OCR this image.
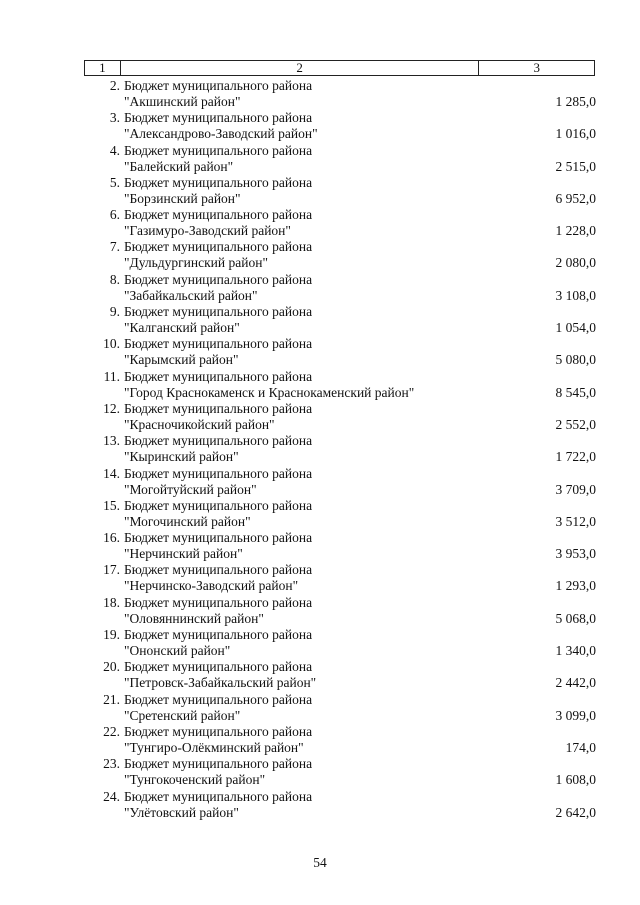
1	2	3
2. Бюджет муниципального района
"Акшинский район"	1 285,0
3. Бюджет муниципального района
"Александрово-Заводский район"	1 016,0
4. Бюджет муниципального района
"Балейский район"	2 515,0
5. Бюджет муниципального района
"Борзинский район"	6 952,0
6. Бюджет муниципального района
"Газимуро-Заводский район"	1 228,0
7. Бюджет муниципального района
"Дульдургинский район"	2 080,0
8. Бюджет муниципального района
"Забайкальский район"	3 108,0
9. Бюджет муниципального района
"Калганский район"	1 054,0
10. Бюджет муниципального района
"Карымский район"	5 080,0
11. Бюджет муниципального района
"Город Краснокаменск и Краснокаменский район"	8 545,0
12. Бюджет муниципального района
"Красночикойский район"	2 552,0
13. Бюджет муниципального района
"Кыринский район"	1 722,0
14. Бюджет муниципального района
"Могойтуйский район"	3 709,0
15. Бюджет муниципального района
"Могочинский район"	3 512,0
16. Бюджет муниципального района
"Нерчинский район"	3 953,0
17. Бюджет муниципального района
"Нерчинско-Заводский район"	1 293,0
18. Бюджет муниципального района
"Оловяннинский район"	5 068,0
19. Бюджет муниципального района
"Ононский район"	1 340,0
20. Бюджет муниципального района
"Петровск-Забайкальский район"	2 442,0
21. Бюджет муниципального района
"Сретенский район"	3 099,0
22. Бюджет муниципального района
"Тунгиро-Олёкминский район"	174,0
23. Бюджет муниципального района
"Тунгокоченский район"	1 608,0
24. Бюджет муниципального района
"Улётовский район"	2 642,0
54
